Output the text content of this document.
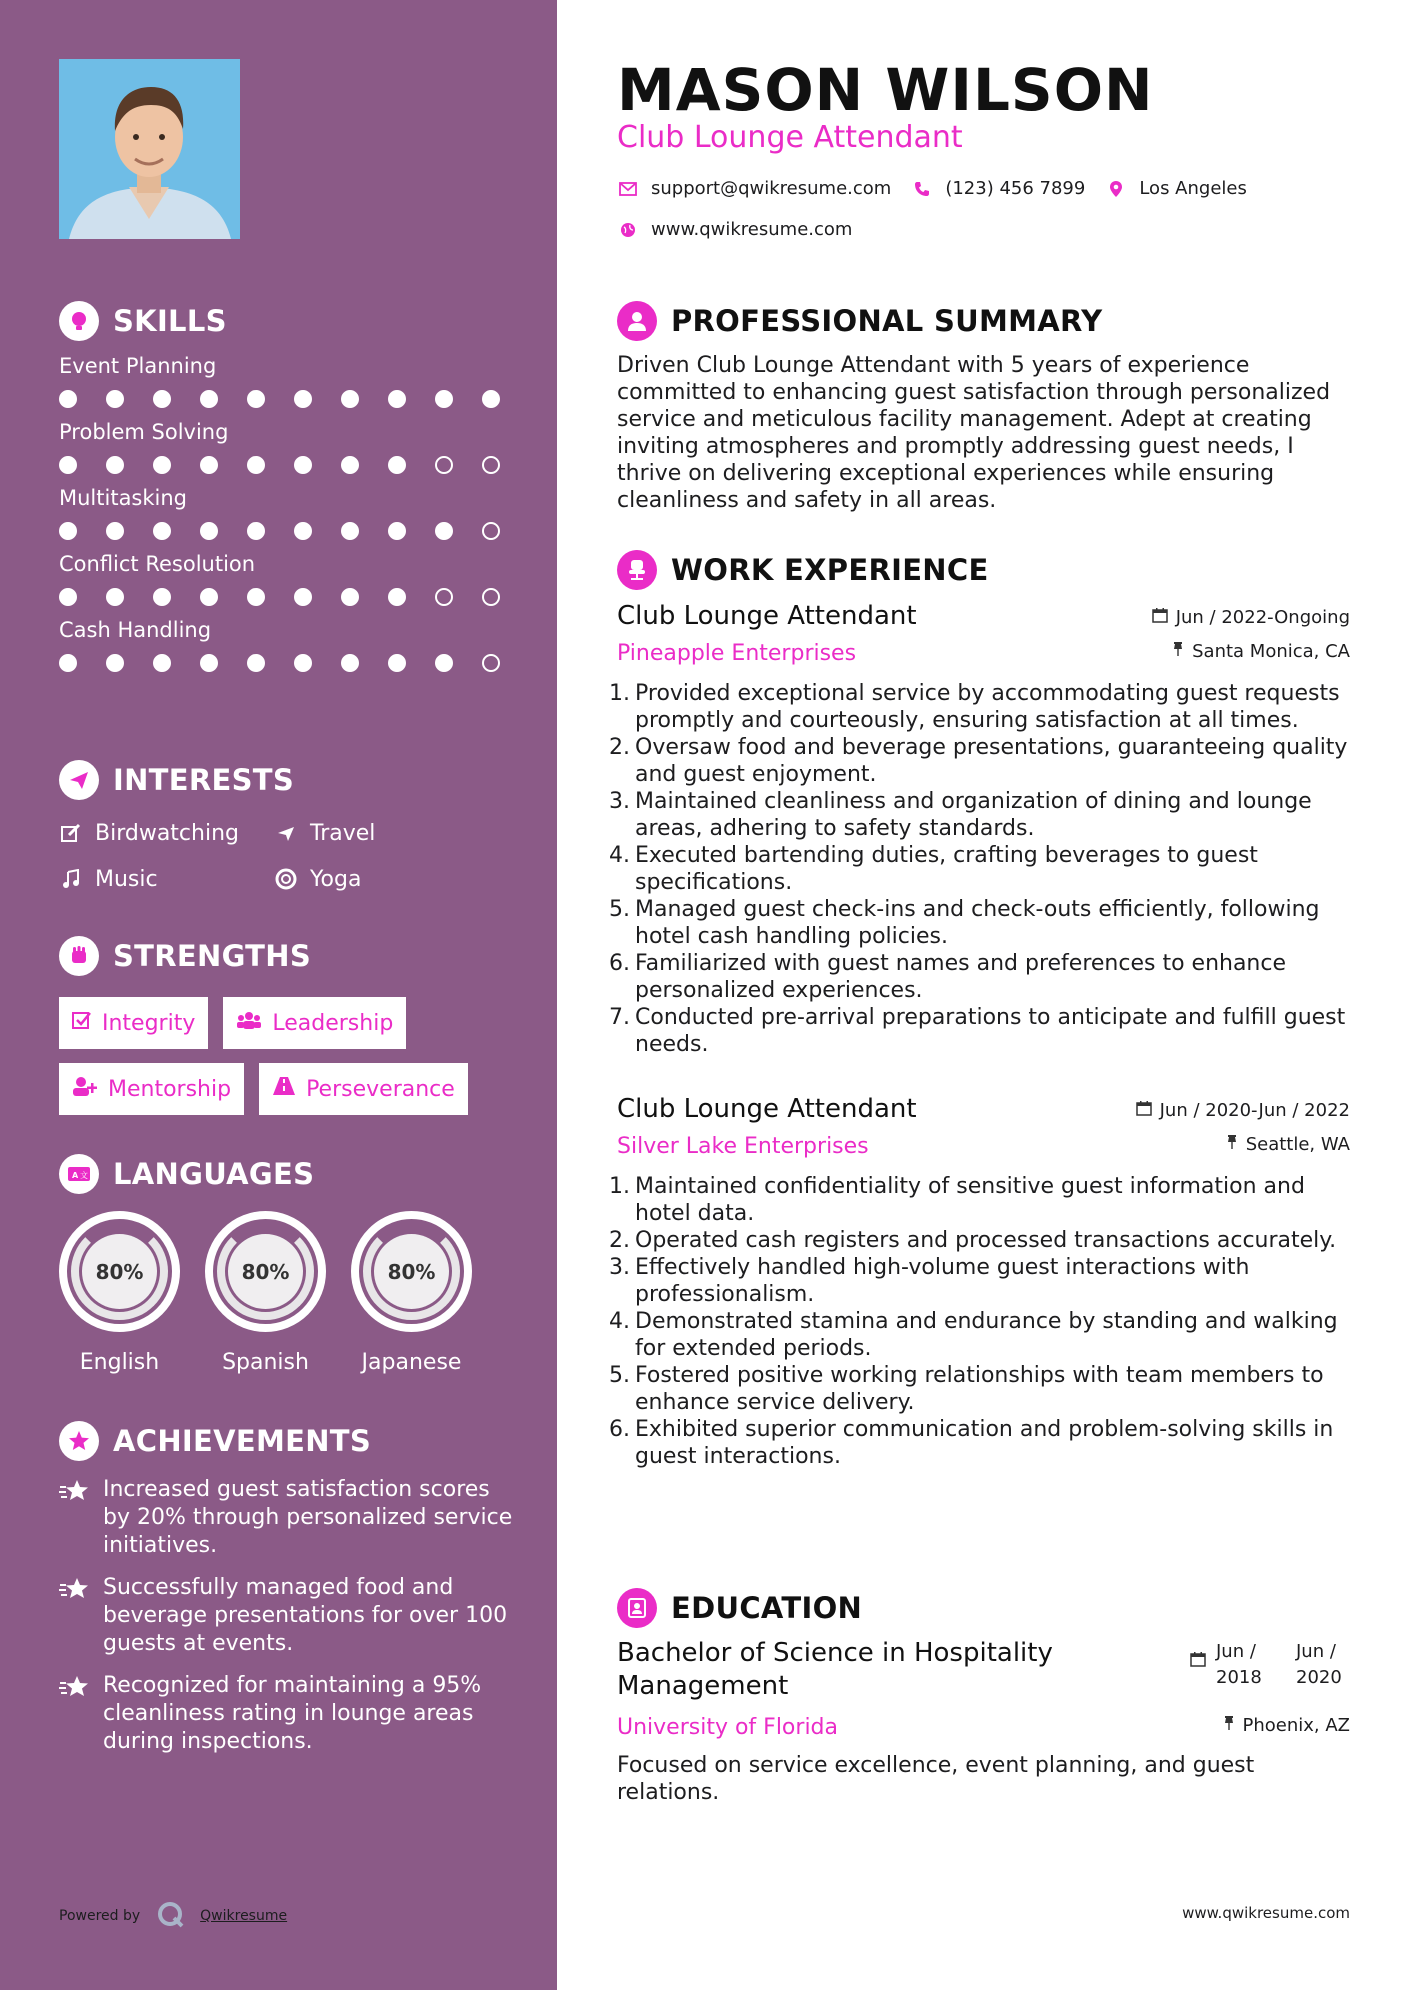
SKILLS
Event Planning
Problem Solving
Multitasking
Conflict Resolution
Cash Handling
INTERESTS
Birdwatching	Travel
Music	Yoga
STRENGTHS
Integrity	Leadership
Mentorship	Perseverance
A 文 LANGUAGES
80%
English
80%
Spanish
80%
Japanese
ACHIEVEMENTS
Increased guest satisfaction scores by 20% through personalized service initiatives.
Successfully managed food and beverage presentations for over 100 guests at events.
Recognized for maintaining a 95% cleanliness rating in lounge areas during inspections.
Powered by	Qwikresume
MASON WILSON
Club Lounge Attendant
support@qwikresume.com	(123) 456 7899	Los Angeles
www.qwikresume.com
PROFESSIONAL SUMMARY

Driven Club Lounge Attendant with 5 years of experience committed to enhancing guest satisfaction through personalized service and meticulous facility management. Adept at creating inviting atmospheres and promptly addressing guest needs, I thrive on delivering exceptional experiences while ensuring cleanliness and safety in all areas.

WORK EXPERIENCE
Club Lounge Attendant	Jun / 2022-Ongoing
Pineapple Enterprises	Santa Monica, CA
Provided exceptional service by accommodating guest requests promptly and courteously, ensuring satisfaction at all times.
Oversaw food and beverage presentations, guaranteeing quality and guest enjoyment.
Maintained cleanliness and organization of dining and lounge areas, adhering to safety standards.
Executed bartending duties, crafting beverages to guest specifications.
Managed guest check-ins and check-outs efficiently, following hotel cash handling policies.
Familiarized with guest names and preferences to enhance personalized experiences.
Conducted pre-arrival preparations to anticipate and fulfill guest needs.
Club Lounge Attendant	Jun / 2020-Jun / 2022
Silver Lake Enterprises	Seattle, WA
Maintained confidentiality of sensitive guest information and hotel data.
Operated cash registers and processed transactions accurately.
Effectively handled high-volume guest interactions with professionalism.
Demonstrated stamina and endurance by standing and walking for extended periods.
Fostered positive working relationships with team members to enhance service delivery.
Exhibited superior communication and problem-solving skills in guest interactions.
EDUCATION
Bachelor of Science in Hospitality Management
Jun / 2018
Jun / 2020
University of Florida	Phoenix, AZ

Focused on service excellence, event planning, and guest relations.

www.qwikresume.com
